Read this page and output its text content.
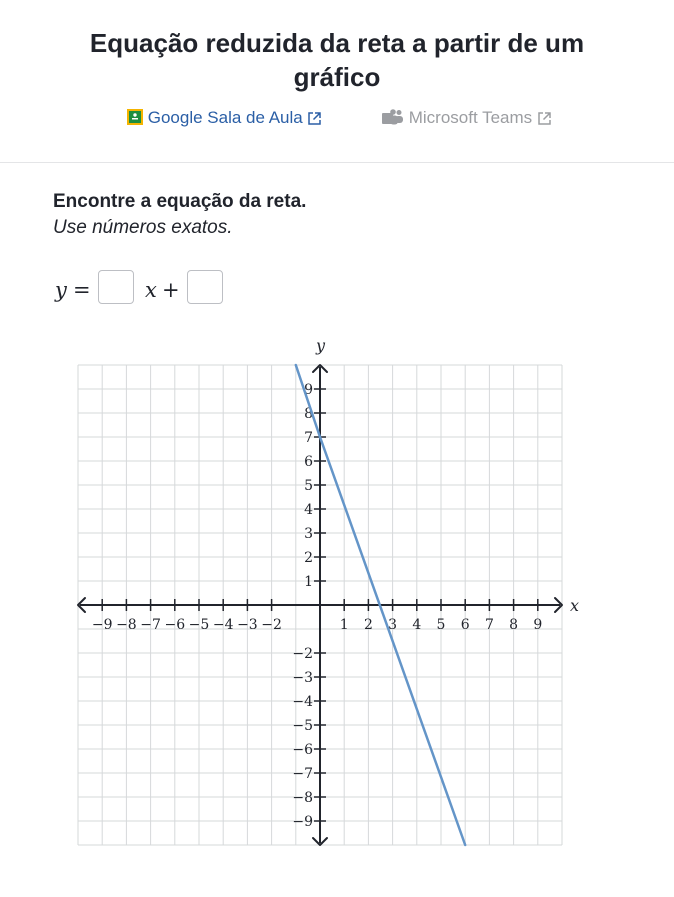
Equação reduzida da reta a partir de um gráfico
Google Sala de Aula	Microsoft Teams

Encontre a equação da reta.

Use números exatos.

y =	x +
−9 −8 −7 −6 −5 −4 −3 −2	1 2 3 4 5 6 7 8 9
9
8
7
6
5
4
3
2
1
−2
−3
−4
−5
−6
−7
−8
−9
x
y
